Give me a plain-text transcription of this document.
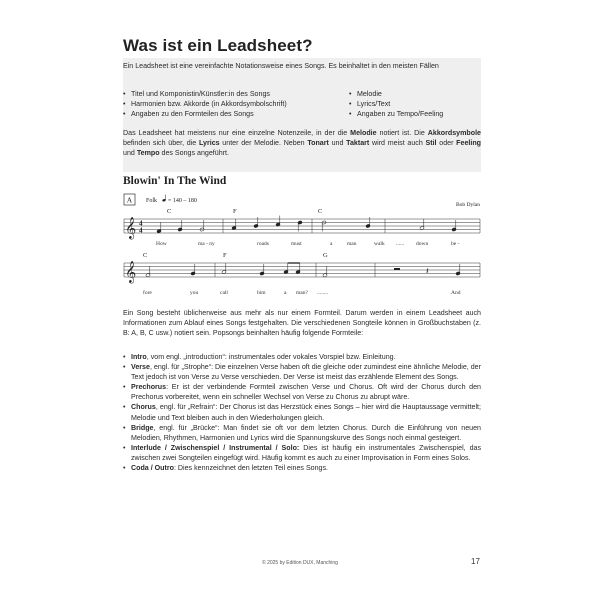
Was ist ein Leadsheet?

Ein Leadsheet ist eine vereinfachte Notationsweise eines Songs. Es beinhaltet in den meisten Fällen

• Titel und Komponistin/Künstler:in des Songs
• Harmonien bzw. Akkorde (in Akkordsymbolschrift)
• Angaben zu den Formteilen des Songs
• Melodie
• Lyrics/Text
• Angaben zu Tempo/Feeling

Das Leadsheet hat meistens nur eine einzelne Notenzeile, in der die Melodie notiert ist. Die Akkordsymbole befinden sich über, die Lyrics unter der Melodie. Neben Tonart und Taktart wird meist auch Stil oder Feeling und Tempo des Songs angeführt.

Blowin' In The Wind
A Folk = 140 – 180
Bob Dylan
C	F	C
𝄞 4
4
How	ma - ny	roads	must	a	man	walk ...... down	be -
C	F	G
𝄞	𝄽
fore	you	call	him	a man? ........	And

Ein Song besteht üblicherweise aus mehr als nur einem Formteil. Darum werden in einem Leadsheet auch Informationen zum Ablauf eines Songs festgehalten. Die verschiedenen Songteile können in Großbuchstaben (z. B: A, B, C usw.) notiert sein. Popsongs beinhalten häufig folgende Formteile:

• Intro, vom engl. „introduction“: instrumentales oder vokales Vorspiel bzw. Einleitung.

• Verse, engl. für „Strophe“: Die einzelnen Verse haben oft die gleiche oder zumindest eine ähnliche Melodie, der Text jedoch ist von Verse zu Verse verschieden. Der Verse ist meist das erzählende Element des Songs.

• Prechorus: Er ist der verbindende Formteil zwischen Verse und Chorus. Oft wird der Chorus durch den Prechorus vorbereitet, wenn ein schneller Wechsel von Verse zu Chorus zu abrupt wäre.

• Chorus, engl. für „Refrain“: Der Chorus ist das Herzstück eines Songs – hier wird die Hauptaussage vermittelt; Melodie und Text bleiben auch in den Wiederholungen gleich.

• Bridge, engl. für „Brücke“: Man findet sie oft vor dem letzten Chorus. Durch die Einführung von neuen Melodien, Rhythmen, Harmonien und Lyrics wird die Spannungskurve des Songs noch einmal gesteigert.

• Interlude / Zwischenspiel / Instrumental / Solo: Dies ist häufig ein instrumentales Zwischenspiel, das zwischen zwei Songteilen eingefügt wird. Häufig kommt es auch zu einer Improvisation in Form eines Solos.

• Coda / Outro: Dies kennzeichnet den letzten Teil eines Songs.

© 2025 by Edition DUX, Manching	17
